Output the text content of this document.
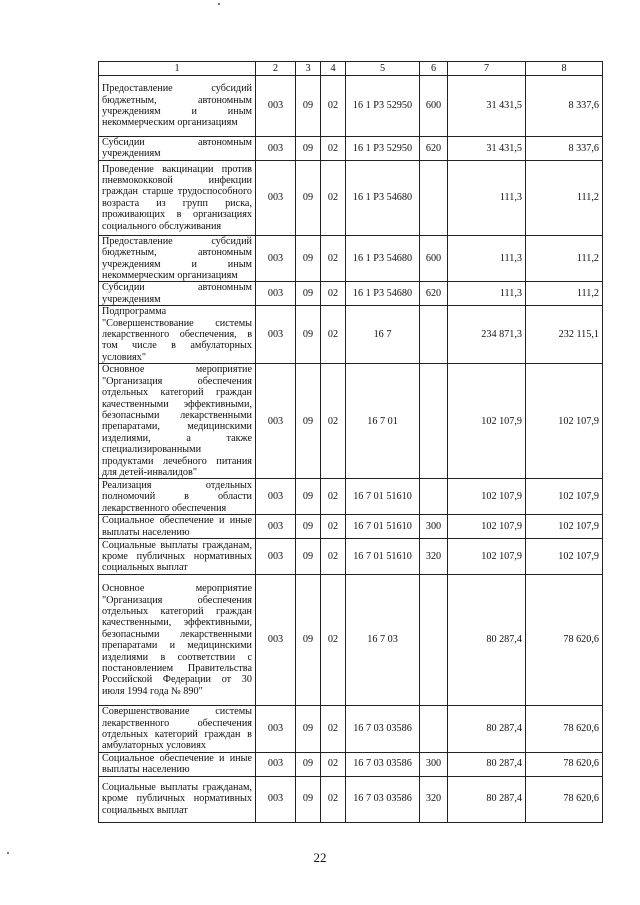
1	2	3	4	5	6	7	8
Предоставление субсидий бюджетным, автономным учреждениям и иным некоммерческим организациям	003	09	02	16 1 Р3 52950	600	31 431,5	8 337,6
Субсидии автономным учреждениям	003	09	02	16 1 Р3 52950	620	31 431,5	8 337,6
Проведение вакцинации против пневмококковой инфекции граждан старше трудоспособного возраста из групп риска, проживающих в организациях социального обслуживания	003	09	02	16 1 Р3 54680		111,3	111,2
Предоставление субсидий бюджетным, автономным учреждениям и иным некоммерческим организациям	003	09	02	16 1 Р3 54680	600	111,3	111,2
Субсидии автономным учреждениям	003	09	02	16 1 Р3 54680	620	111,3	111,2
Подпрограмма "Совершенствование системы лекарственного обеспечения, в том числе в амбулаторных условиях"	003	09	02	16 7		234 871,3	232 115,1
Основное мероприятие "Организация обеспечения отдельных категорий граждан качественными эффективными, безопасными лекарственными препаратами, медицинскими изделиями, а также специализированными продуктами лечебного питания для детей-инвалидов"	003	09	02	16 7 01		102 107,9	102 107,9
Реализация отдельных полномочий в области лекарственного обеспечения	003	09	02	16 7 01 51610		102 107,9	102 107,9
Социальное обеспечение и иные выплаты населению	003	09	02	16 7 01 51610	300	102 107,9	102 107,9
Социальные выплаты гражданам, кроме публичных нормативных социальных выплат	003	09	02	16 7 01 51610	320	102 107,9	102 107,9
Основное мероприятие "Организация обеспечения отдельных категорий граждан качественными, эффективными, безопасными лекарственными препаратами и медицинскими изделиями в соответствии с постановлением Правительства Российской Федерации от 30 июля 1994 года № 890"	003	09	02	16 7 03		80 287,4	78 620,6
Совершенствование системы лекарственного обеспечения отдельных категорий граждан в амбулаторных условиях	003	09	02	16 7 03 03586		80 287,4	78 620,6
Социальное обеспечение и иные выплаты населению	003	09	02	16 7 03 03586	300	80 287,4	78 620,6
Социальные выплаты гражданам, кроме публичных нормативных социальных выплат	003	09	02	16 7 03 03586	320	80 287,4	78 620,6
22
